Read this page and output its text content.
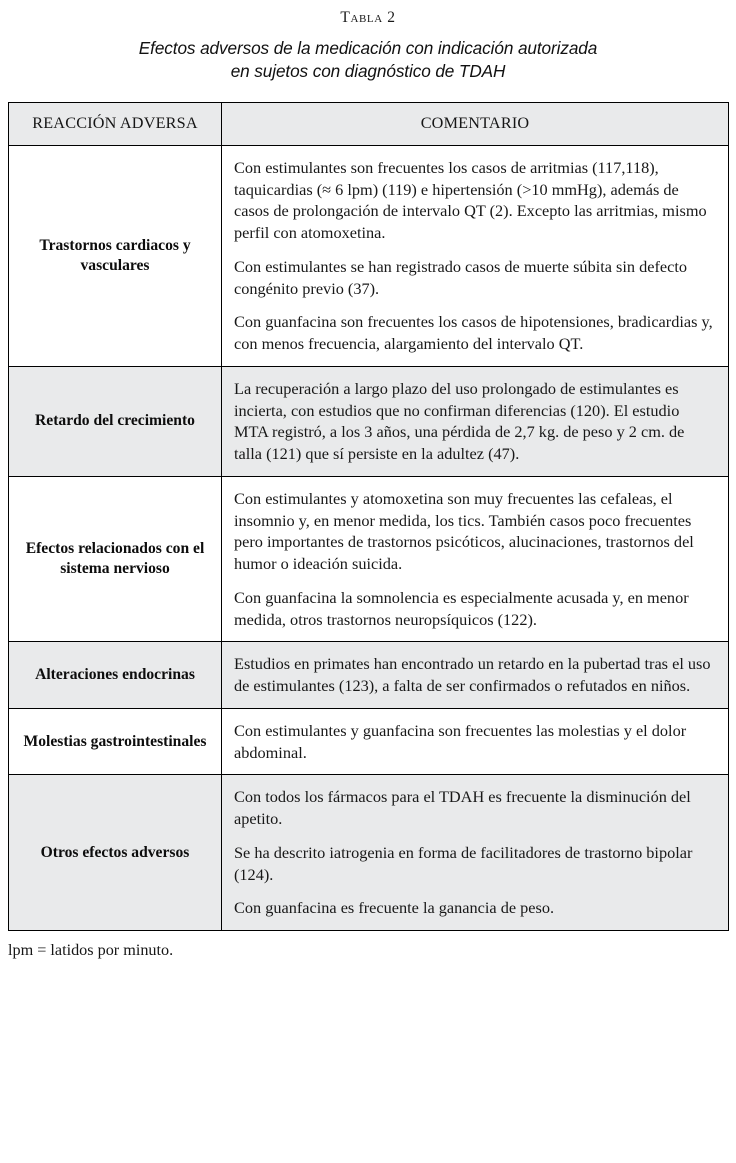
Tabla 2
Efectos adversos de la medicación con indicación autorizada
en sujetos con diagnóstico de TDAH
REACCIÓN ADVERSA	COMENTARIO
Trastornos cardiacos y vasculares	Con estimulantes son frecuentes los casos de arritmias (117,118), taquicardias (≈ 6 lpm) (119) e hipertensión (>10 mmHg), además de casos de prolongación de intervalo QT (2). Excepto las arritmias, mismo perfil con atomoxetina.

Con estimulantes se han registrado casos de muerte súbita sin defecto congénito previo (37).

Con guanfacina son frecuentes los casos de hipotensiones, bradicardias y, con menos frecuencia, alargamiento del intervalo QT.

Retardo del crecimiento	La recuperación a largo plazo del uso prolongado de estimulantes es incierta, con estudios que no confirman diferencias (120). El estudio MTA registró, a los 3 años, una pérdida de 2,7 kg. de peso y 2 cm. de talla (121) que sí persiste en la adultez (47).

Efectos relacionados con el sistema nervioso	Con estimulantes y atomoxetina son muy frecuentes las cefaleas, el insomnio y, en menor medida, los tics. También casos poco frecuentes pero importantes de trastornos psicóticos, alucinaciones, trastornos del humor o ideación suicida.

Con guanfacina la somnolencia es especialmente acusada y, en menor medida, otros trastornos neuropsíquicos (122).

Alteraciones endocrinas	Estudios en primates han encontrado un retardo en la pubertad tras el uso de estimulantes (123), a falta de ser confirmados o refutados en niños.

Molestias gastrointestinales	Con estimulantes y guanfacina son frecuentes las molestias y el dolor abdominal.

Otros efectos adversos	Con todos los fármacos para el TDAH es frecuente la disminución del apetito.

Se ha descrito iatrogenia en forma de facilitadores de trastorno bipolar (124).

Con guanfacina es frecuente la ganancia de peso.

lpm = latidos por minuto.
